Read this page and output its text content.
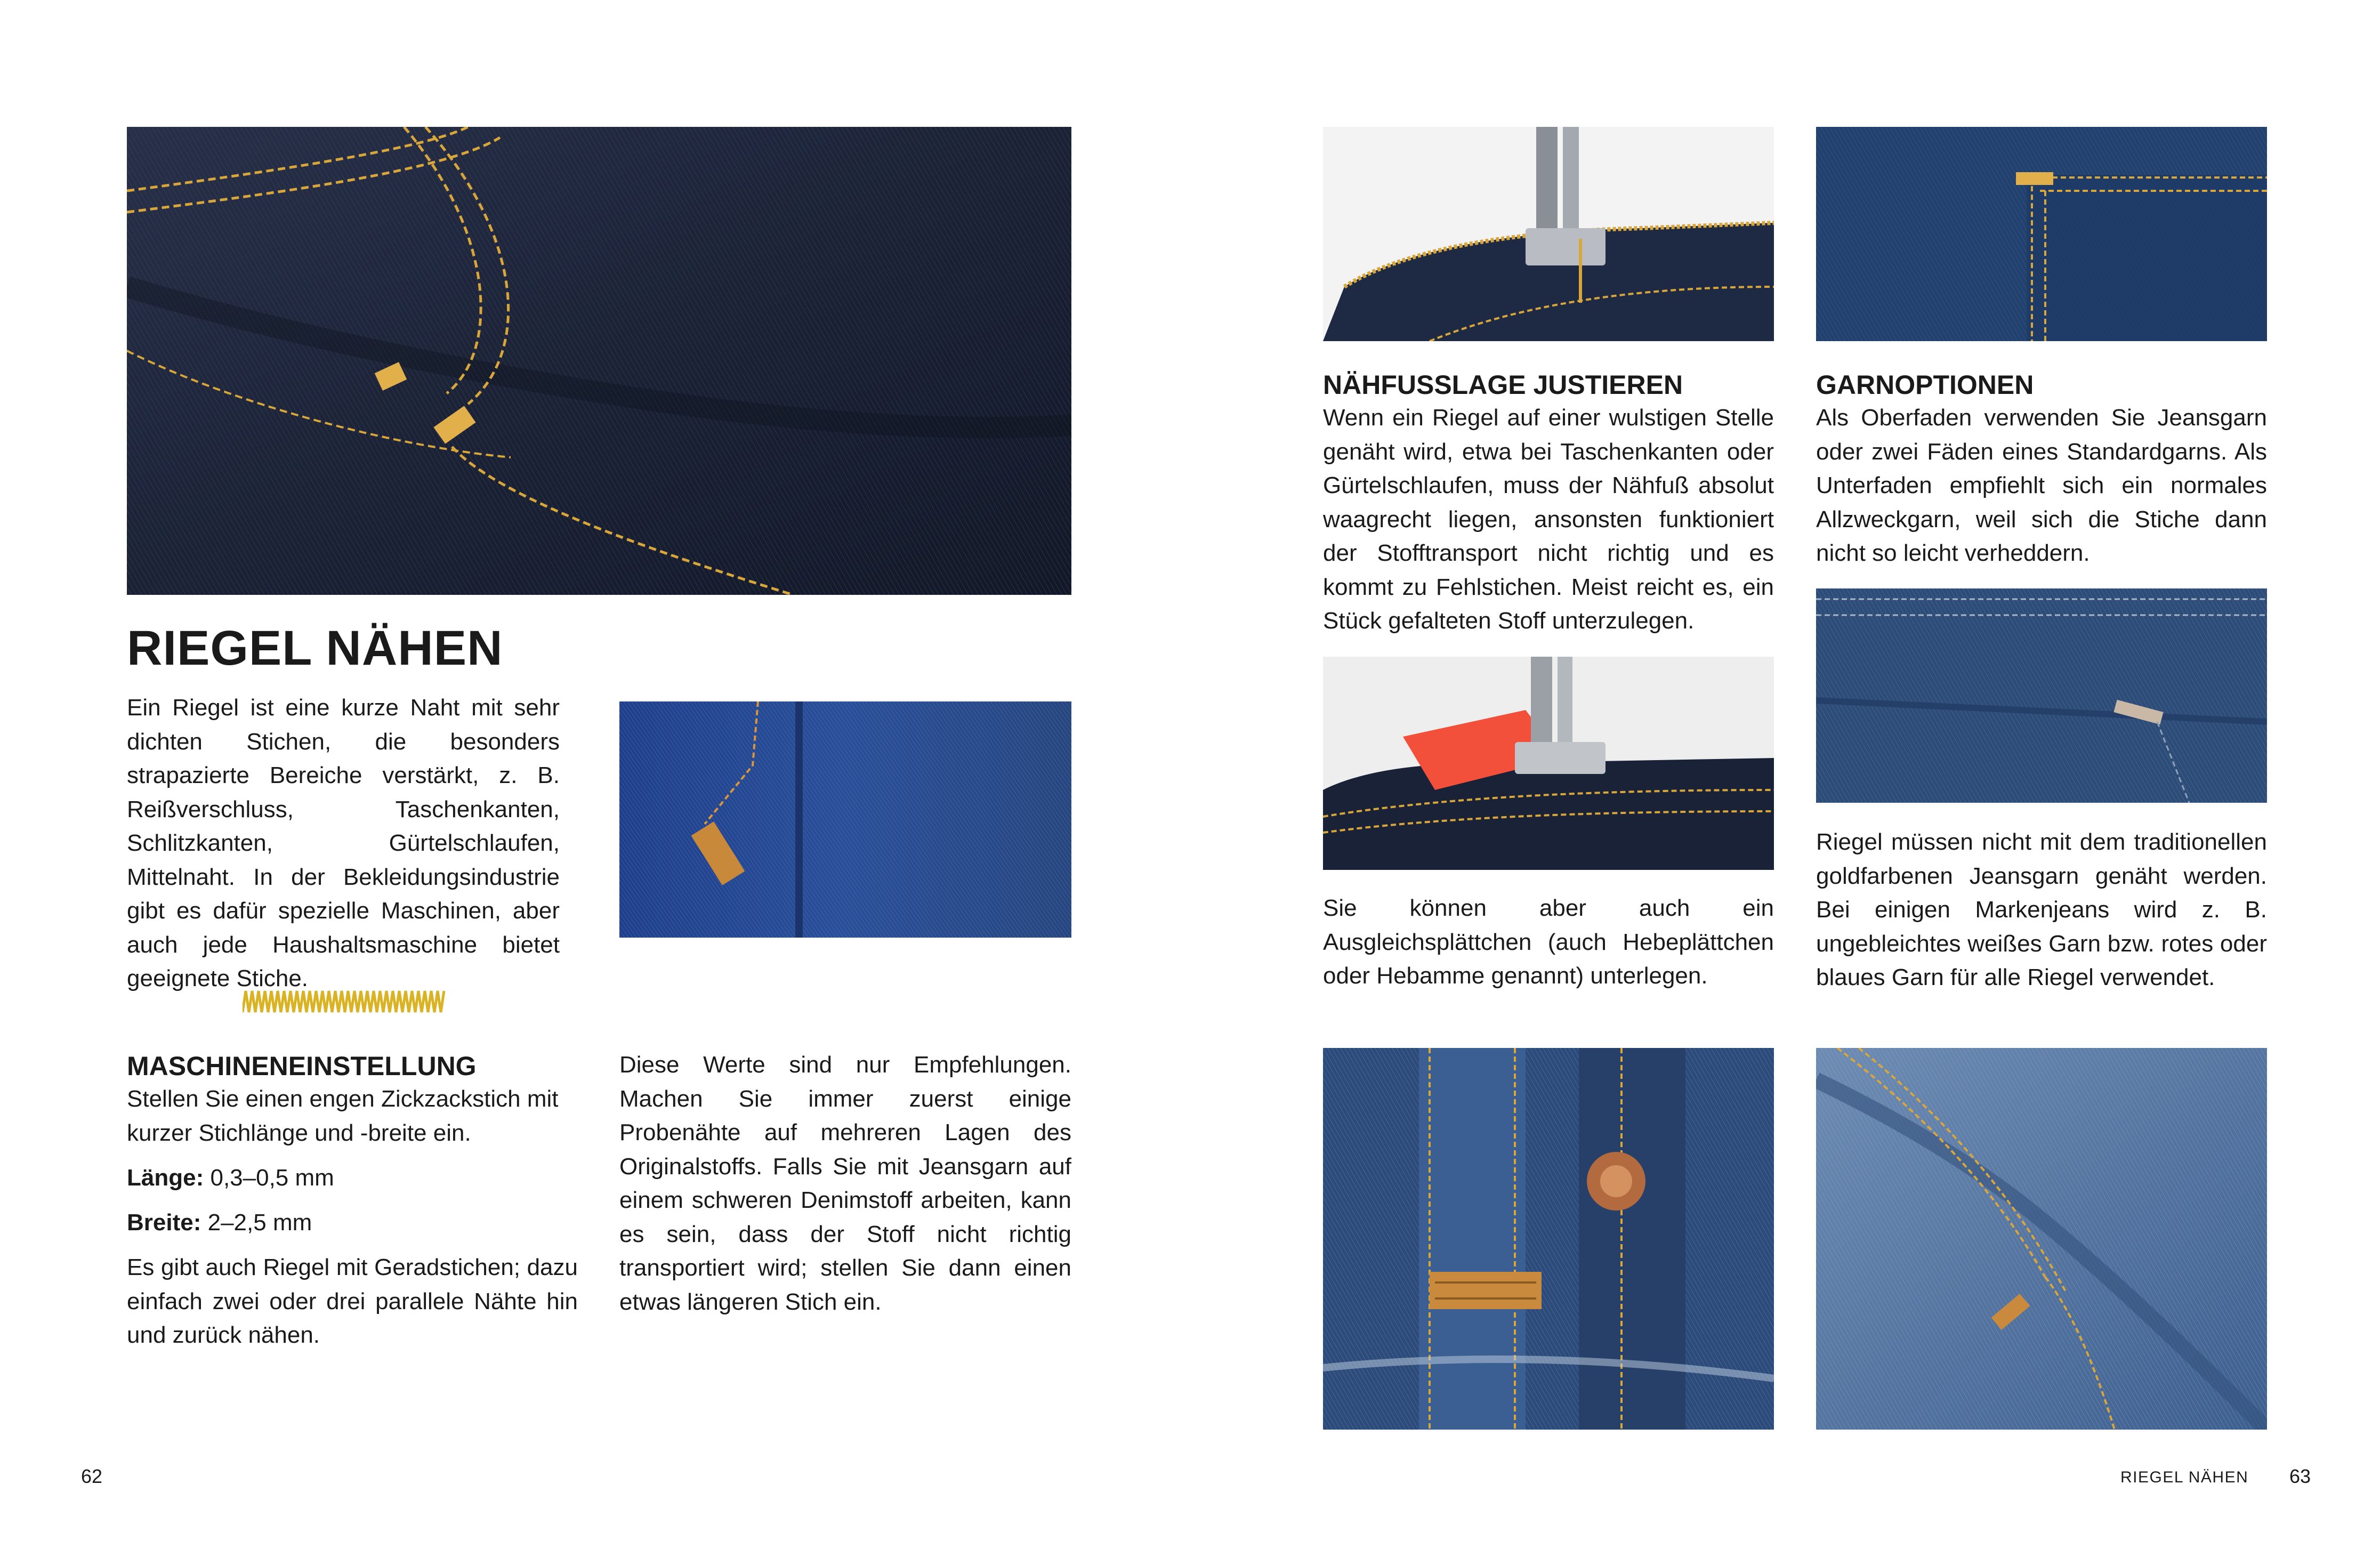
RIEGEL NÄHEN

Ein Riegel ist eine kurze Naht mit sehr dichten Stichen, die besonders strapazierte Bereiche verstärkt, z. B. Reißverschluss, Taschenkanten, Schlitzkanten, Gürtelschlaufen, Mittelnaht. In der Bekleidungsindustrie gibt es dafür spezielle Maschinen, aber auch jede Haushaltsmaschine bietet geeignete Stiche.

MASCHINENEINSTELLUNG

Stellen Sie einen engen Zickzackstich mit kurzer Stichlänge und -breite ein.

Länge: 0,3–0,5 mm

Breite: 2–2,5 mm

Es gibt auch Riegel mit Geradstichen; dazu einfach zwei oder drei parallele Nähte hin und zurück nähen.

Diese Werte sind nur Empfehlungen. Machen Sie immer zuerst einige Probenähte auf mehreren Lagen des Originalstoffs. Falls Sie mit Jeansgarn auf einem schweren Denimstoff arbeiten, kann es sein, dass der Stoff nicht richtig transportiert wird; stellen Sie dann einen etwas längeren Stich ein.

62
NÄHFUSSLAGE JUSTIEREN

Wenn ein Riegel auf einer wulstigen Stelle genäht wird, etwa bei Taschenkanten oder Gürtelschlaufen, muss der Nähfuß absolut waagrecht liegen, ansonsten funktioniert der Stofftransport nicht richtig und es kommt zu Fehlstichen. Meist reicht es, ein Stück gefalteten Stoff unterzulegen.

GARNOPTIONEN

Als Oberfaden verwenden Sie Jeansgarn oder zwei Fäden eines Standardgarns. Als Unterfaden empfiehlt sich ein normales Allzweckgarn, weil sich die Stiche dann nicht so leicht verheddern.

Sie können aber auch ein Ausgleichsplättchen (auch Hebeplättchen oder Hebamme genannt) unterlegen.

Riegel müssen nicht mit dem traditionellen goldfarbenen Jeansgarn genäht werden. Bei einigen Markenjeans wird z. B. ungebleichtes weißes Garn bzw. rotes oder blaues Garn für alle Riegel verwendet.

RIEGEL NÄHEN 63
